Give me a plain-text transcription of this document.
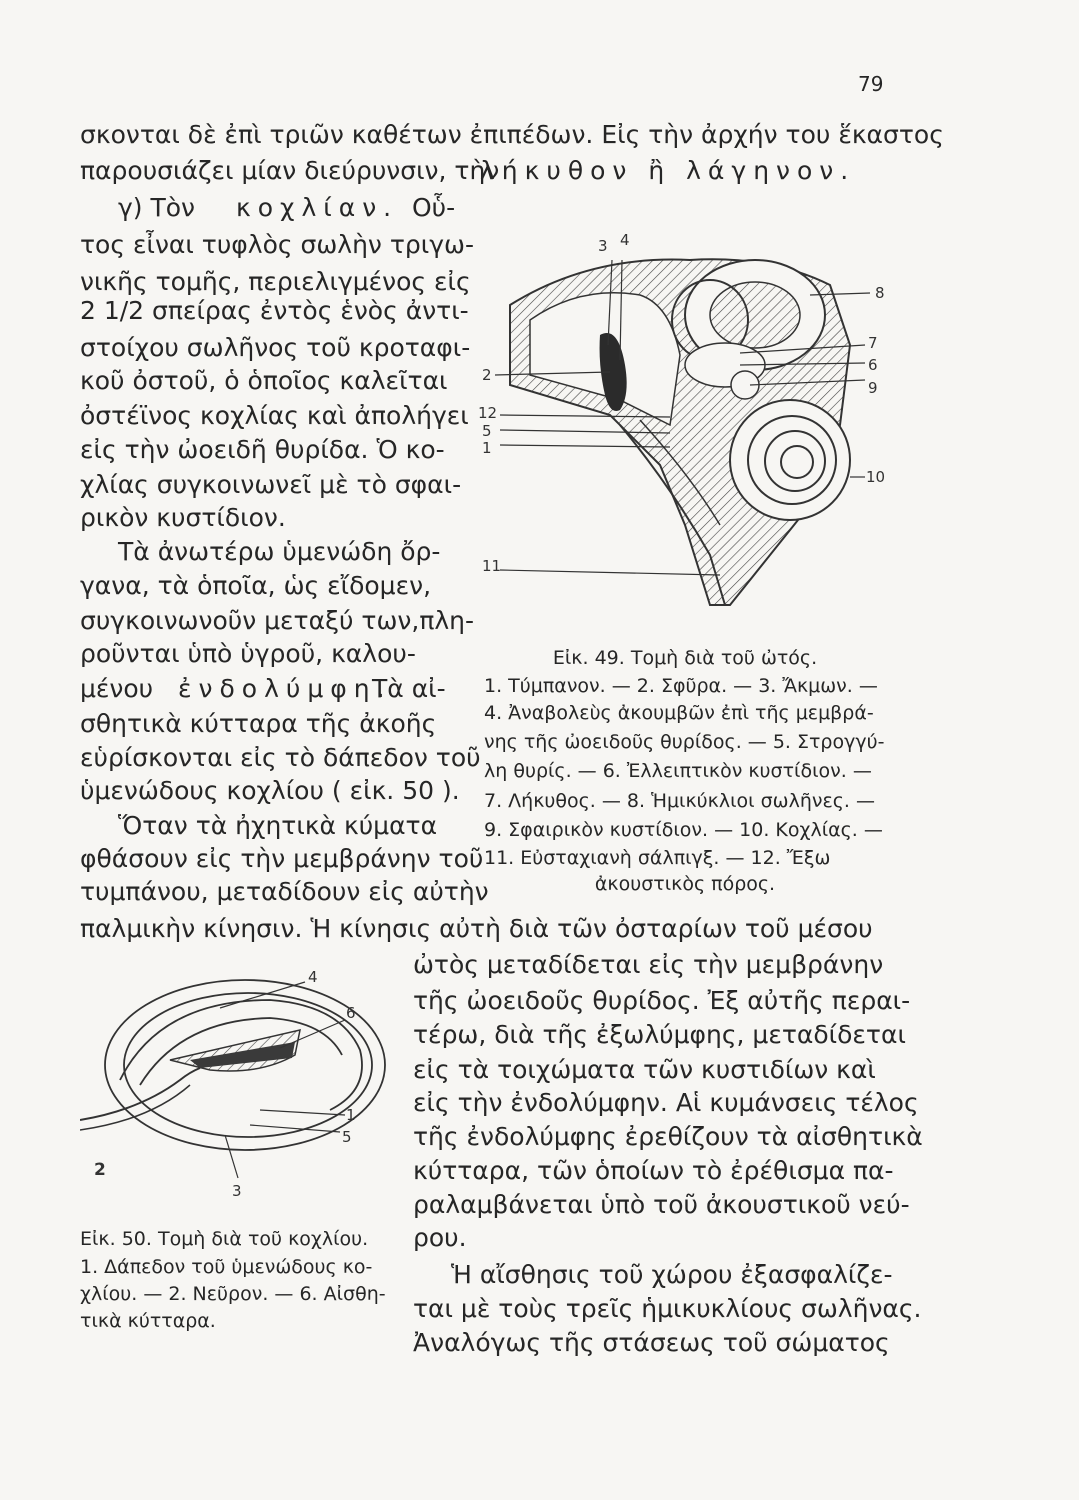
79
σκονται δὲ ἐπὶ τριῶν καθέτων ἐπιπέδων. Εἰς τὴν ἀρχήν του ἕκαστος
παρουσιάζει μίαν διεύρυνσιν, τὴν
λήκυθον ἢ λάγηνον.
γ) Τὸν κοχλίαν. Οὗ-
τος εἶναι τυφλὸς σωλὴν τριγω-
νικῆς τομῆς, περιελιγμένος εἰς
2 1/2 σπείρας ἐντὸς ἑνὸς ἀντι-
στοίχου σωλῆνος τοῦ κροταφι-
κοῦ ὀστοῦ, ὁ ὁποῖος καλεῖται
ὀστέϊνος κοχλίας καὶ ἀπολήγει
εἰς τὴν ὠοειδῆ θυρίδα. Ὁ κο-
χλίας συγκοινωνεῖ μὲ τὸ σφαι-
ρικὸν κυστίδιον.
Τὰ ἀνωτέρω ὑμενώδη ὄρ-
γανα, τὰ ὁποῖα, ὡς εἴδομεν,
συγκοινωνοῦν μεταξύ των,πλη-
ροῦνται ὑπὸ ὑγροῦ, καλου-
μένου ἐνδολύμφη.
Τὰ αἰ-
σθητικὰ κύτταρα τῆς ἀκοῆς
εὑρίσκονται εἰς τὸ δάπεδον τοῦ
ὑμενώδους κοχλίου ( εἰκ. 50 ).
Ὅταν τὰ ἠχητικὰ κύματα
φθάσουν εἰς τὴν μεμβράνην τοῦ
τυμπάνου, μεταδίδουν εἰς αὐτὴν
4
3
8
7
6
9
2
12
5
1
10
11
Εἰκ. 49. Τομὴ διὰ τοῦ ὠτός.
1. Τύμπανον. — 2. Σφῦρα. — 3. Ἄκμων. —
4. Ἀναβολεὺς ἀκουμβῶν ἐπὶ τῆς μεμβρά-
νης τῆς ὠοειδοῦς θυρίδος. — 5. Στρογγύ-
λη θυρίς. — 6. Ἐλλειπτικὸν κυστίδιον. —
7. Λήκυθος. — 8. Ἡμικύκλιοι σωλῆνες. —
9. Σφαιρικὸν κυστίδιον. — 10. Κοχλίας. —
11. Εὐσταχιανὴ σάλπιγξ. — 12. Ἔξω
ἀκουστικὸς πόρος.
παλμικὴν κίνησιν. Ἡ κίνησις αὐτὴ διὰ τῶν ὀσταρίων τοῦ μέσου
4
6
1
5
2
3
Εἰκ. 50. Τομὴ διὰ τοῦ κοχλίου.
1. Δάπεδον τοῦ ὑμενώδους κο-
χλίου. — 2. Νεῦρον. — 6. Αἰσθη-
τικὰ κύτταρα.
ὠτὸς μεταδίδεται εἰς τὴν μεμβράνην
τῆς ὠοειδοῦς θυρίδος. Ἐξ αὐτῆς περαι-
τέρω, διὰ τῆς ἐξωλύμφης, μεταδίδεται
εἰς τὰ τοιχώματα τῶν κυστιδίων καὶ
εἰς τὴν ἐνδολύμφην. Αἱ κυμάνσεις τέλος
τῆς ἐνδολύμφης ἐρεθίζουν τὰ αἰσθητικὰ
κύτταρα, τῶν ὁποίων τὸ ἐρέθισμα πα-
ραλαμβάνεται ὑπὸ τοῦ ἀκουστικοῦ νεύ-
ρου.
Ἡ αἴσθησις τοῦ χώρου ἐξασφαλίζε-
ται μὲ τοὺς τρεῖς ἡμικυκλίους σωλῆνας.
Ἀναλόγως τῆς στάσεως τοῦ σώματος
